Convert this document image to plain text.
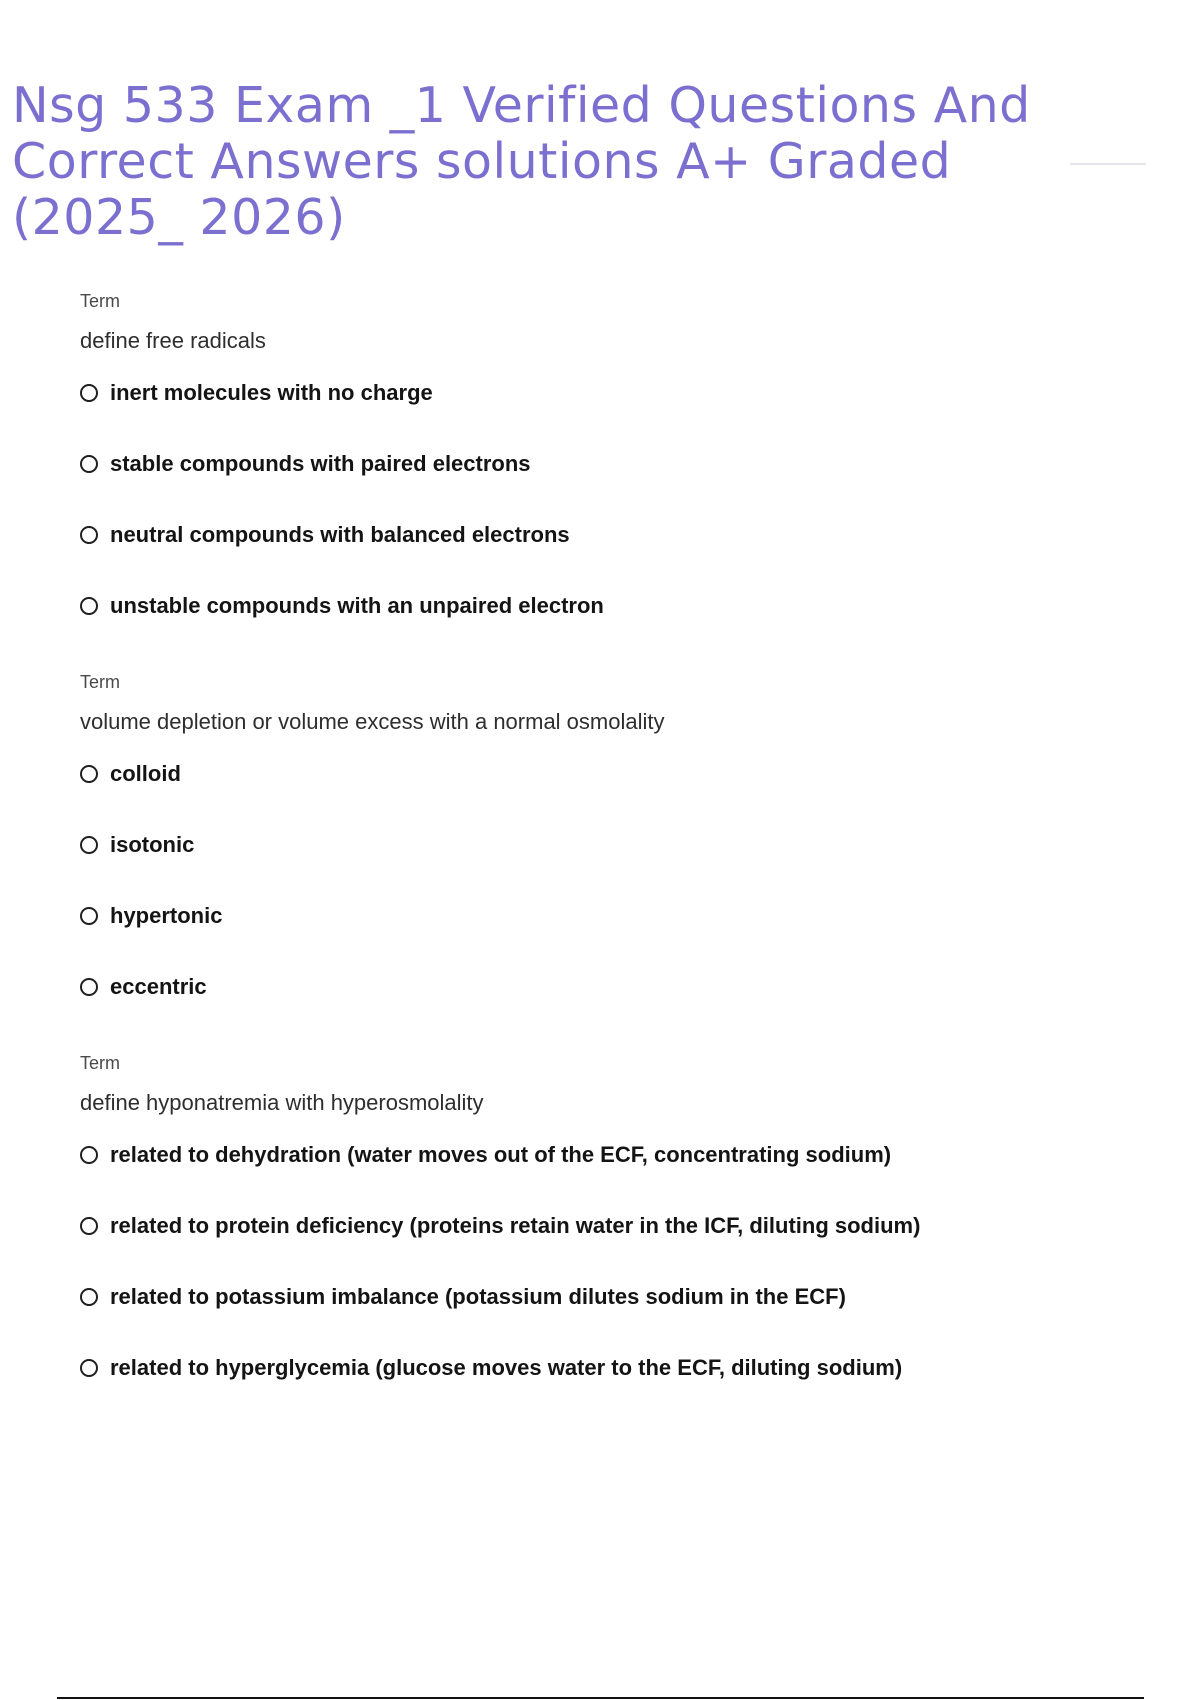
Nsg 533 Exam _1 Verified Questions And Correct Answers solutions A+ Graded (2025_ 2026)
Term
define free radicals
inert molecules with no charge
stable compounds with paired electrons
neutral compounds with balanced electrons
unstable compounds with an unpaired electron
Term
volume depletion or volume excess with a normal osmolality
colloid
isotonic
hypertonic
eccentric
Term
define hyponatremia with hyperosmolality
related to dehydration (water moves out of the ECF, concentrating sodium)
related to protein deficiency (proteins retain water in the ICF, diluting sodium)
related to potassium imbalance (potassium dilutes sodium in the ECF)
related to hyperglycemia (glucose moves water to the ECF, diluting sodium)
